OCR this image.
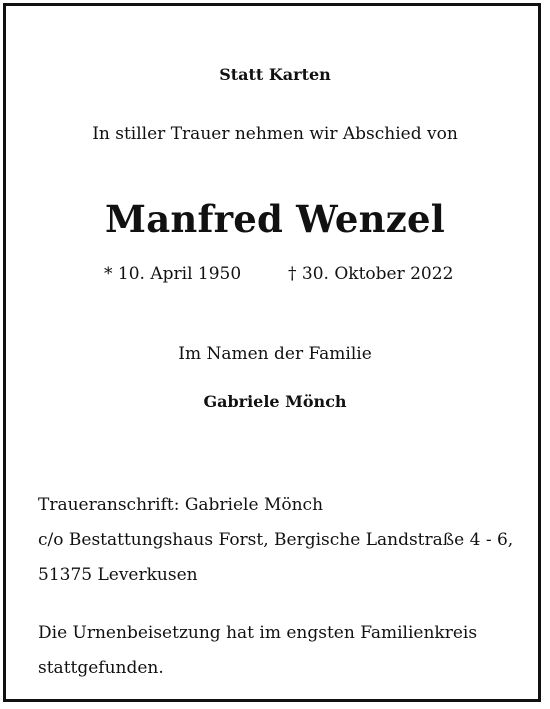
Statt Karten
In stiller Trauer nehmen wir Abschied von
Manfred Wenzel
* 10. April 1950	† 30. Oktober 2022
Im Namen der Familie
Gabriele Mönch
Traueranschrift: Gabriele Mönch
c/o Bestattungshaus Forst, Bergische Landstraße 4 - 6,
51375 Leverkusen
Die Urnenbeisetzung hat im engsten Familienkreis
stattgefunden.
